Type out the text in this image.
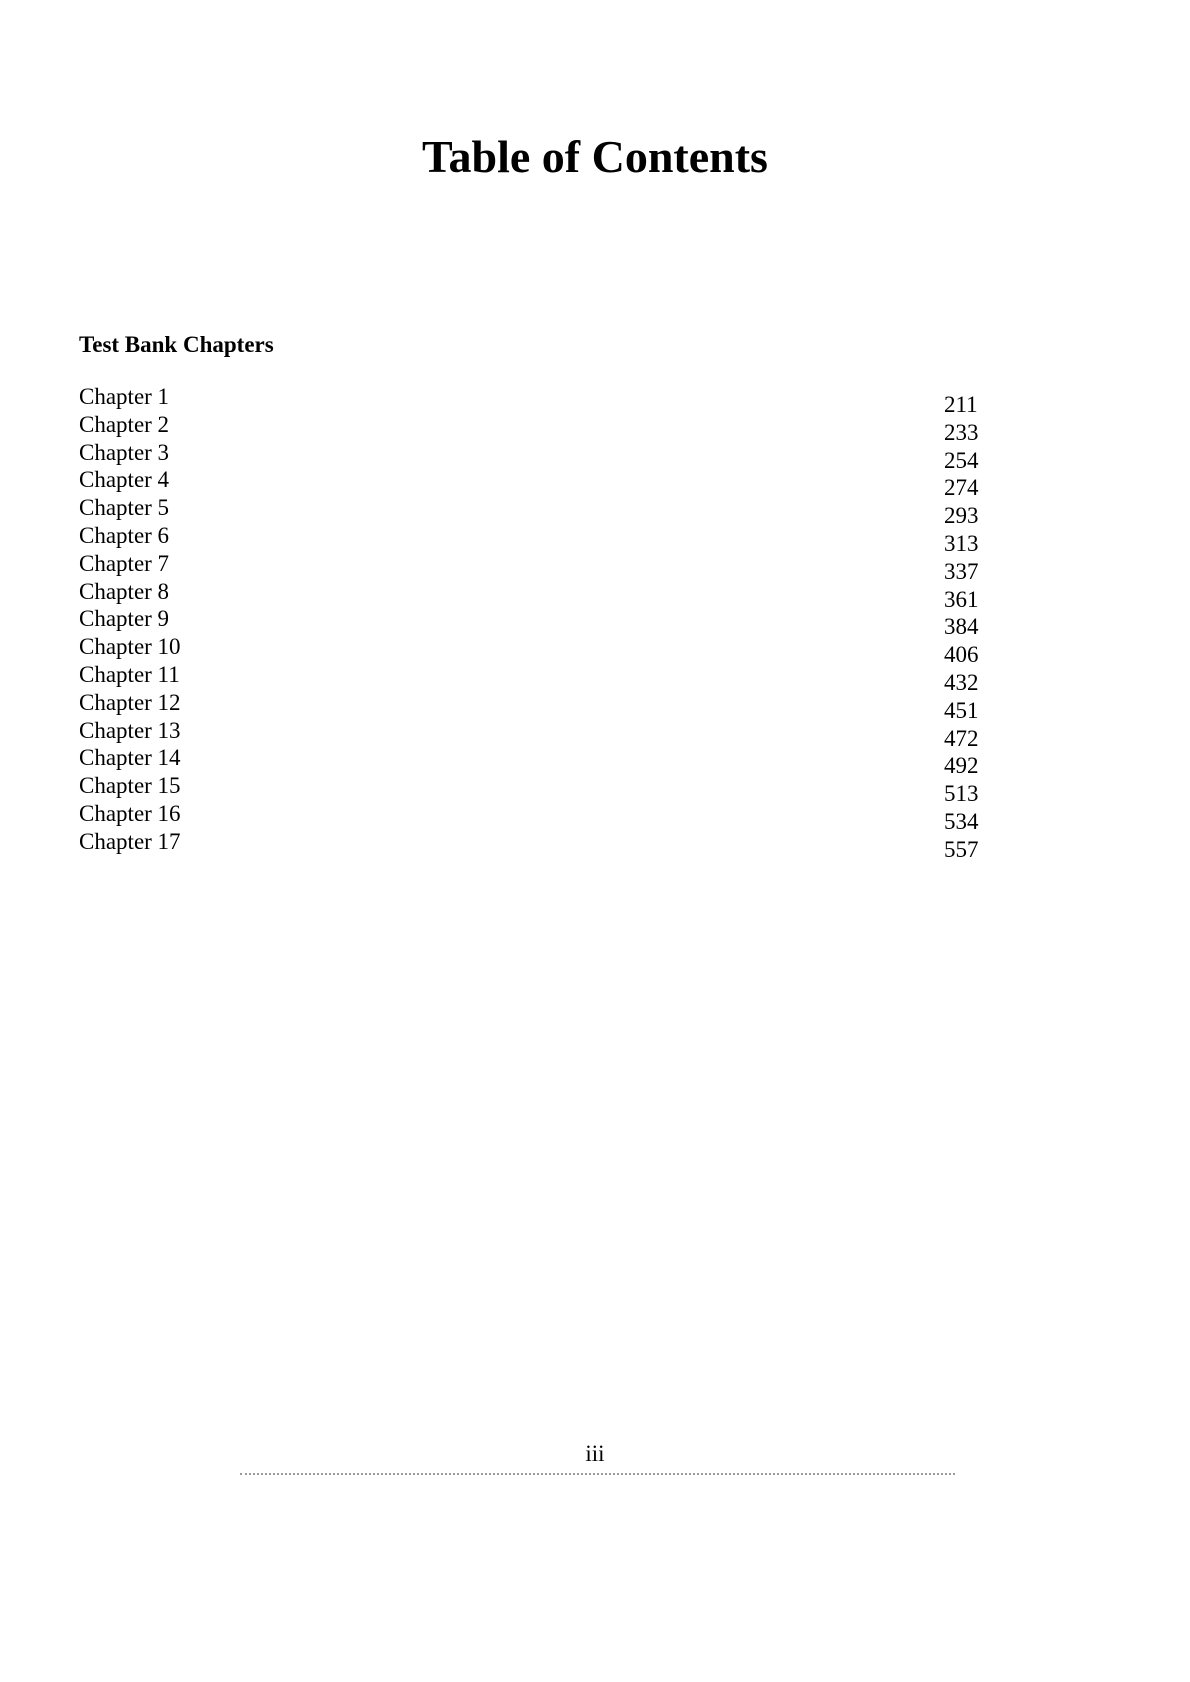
Table of Contents
Test Bank Chapters
Chapter 1	211
Chapter 2	233
Chapter 3	254
Chapter 4	274
Chapter 5	293
Chapter 6	313
Chapter 7	337
Chapter 8	361
Chapter 9	384
Chapter 10	406
Chapter 11	432
Chapter 12	451
Chapter 13	472
Chapter 14	492
Chapter 15	513
Chapter 16	534
Chapter 17	557
iii
